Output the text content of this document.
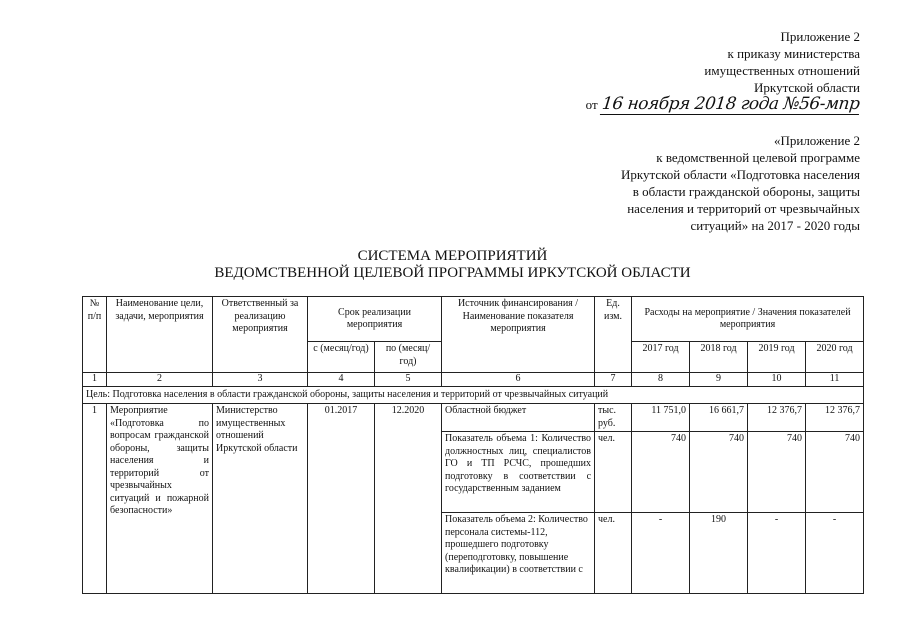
Приложение 2
к приказу министерства
имущественных отношений
Иркутской области
от 16 ноября 2018 года №56-мпр
«Приложение 2
к ведомственной целевой программе
Иркутской области «Подготовка населения
в области гражданской обороны, защиты
населения и территорий от чрезвычайных
ситуаций» на 2017 - 2020 годы
СИСТЕМА МЕРОПРИЯТИЙ
ВЕДОМСТВЕННОЙ ЦЕЛЕВОЙ ПРОГРАММЫ ИРКУТСКОЙ ОБЛАСТИ
№ п/п	Наименование цели, задачи, мероприятия	Ответственный за реализацию мероприятия	Срок реализации мероприятия		Источник финансирования / Наименование показателя мероприятия	Ед. изм.	Расходы на мероприятие / Значения показателей мероприятия			
			с (месяц/год)	по (месяц/год)			2017 год	2018 год	2019 год	2020 год
1	2	3	4	5	6	7	8	9	10	11
Цель: Подготовка населения в области гражданской обороны, защиты населения и территорий от чрезвычайных ситуаций										
1	Мероприятие «Подготовка по вопросам гражданской обороны, защиты населения и территорий от чрезвычайных ситуаций и пожарной безопасности»	Министерство имущественных отношений Иркутской области	01.2017	12.2020	Областной бюджет	тыс. руб.	11 751,0	16 661,7	12 376,7	12 376,7
					Показатель объема 1: Количество должностных лиц, специалистов ГО и ТП РСЧС, прошедших подготовку в соответствии с государственным заданием	чел.	740	740	740	740
					Показатель объема 2: Количество персонала системы-112, прошедшего подготовку (переподготовку, повышение квалификации) в соответствии с	чел.	-	190	-	-
